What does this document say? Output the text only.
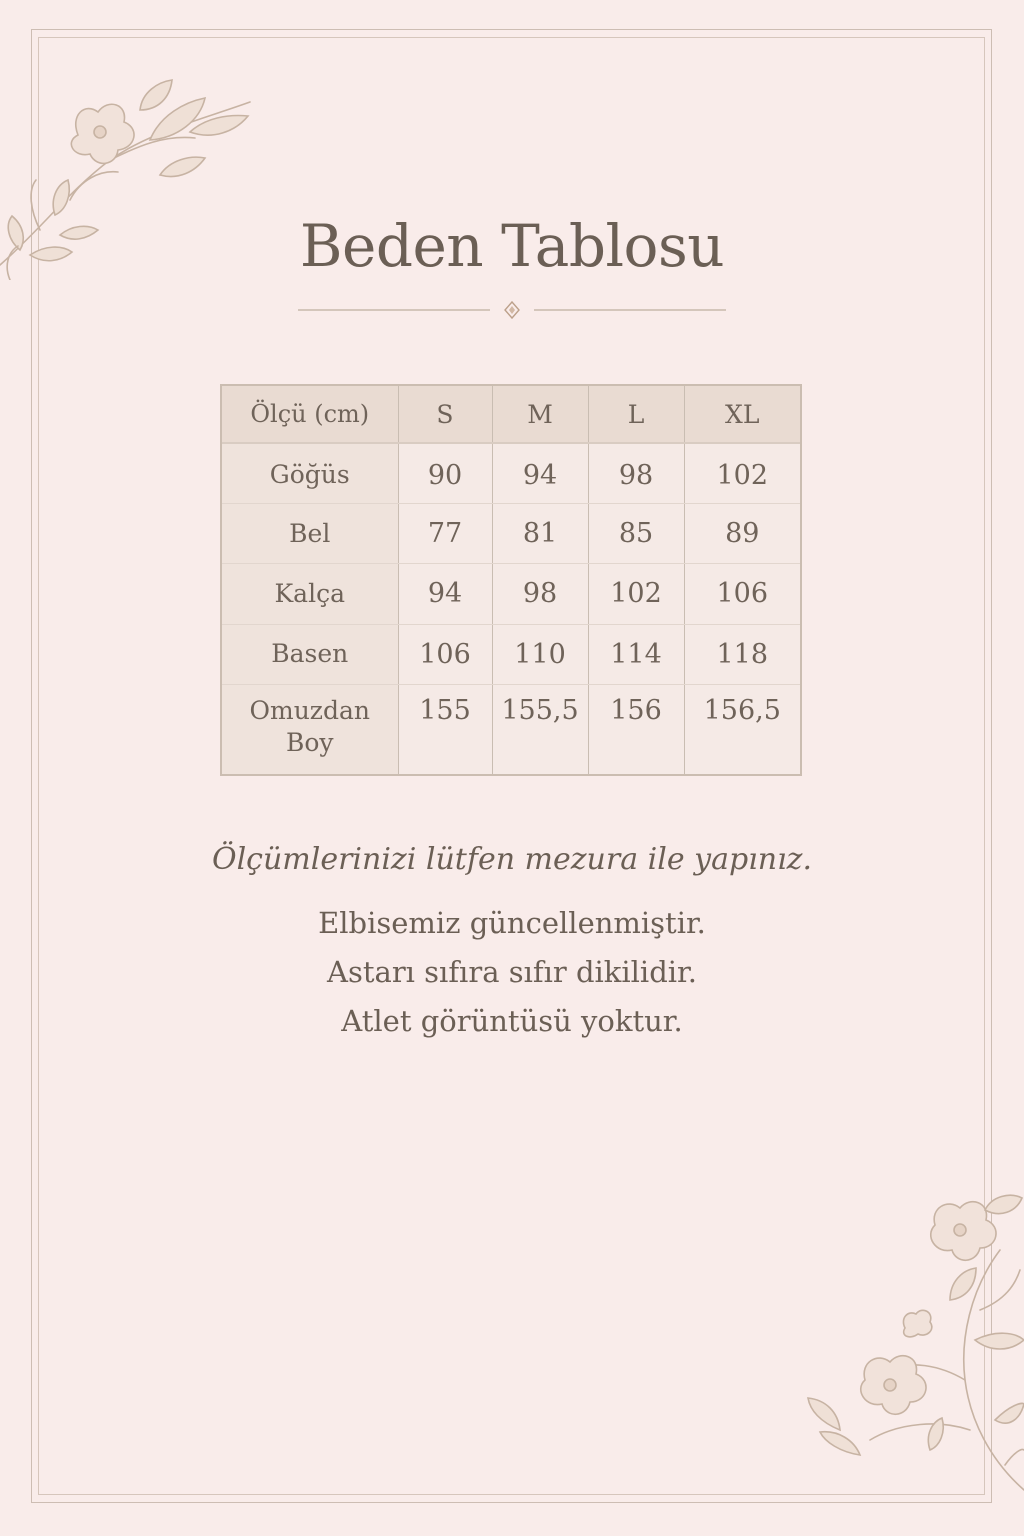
Beden Tablosu
Ölçü (cm)	S	M	L	XL
Göğüs	90	94	98	102
Bel	77	81	85	89
Kalça	94	98	102	106
Basen	106	110	114	118
Omuzdan
Boy	155	155,5	156	156,5

Ölçümlerinizi lütfen mezura ile yapınız.

Elbisemiz güncellenmiştir.

Astarı sıfıra sıfır dikilidir.

Atlet görüntüsü yoktur.
